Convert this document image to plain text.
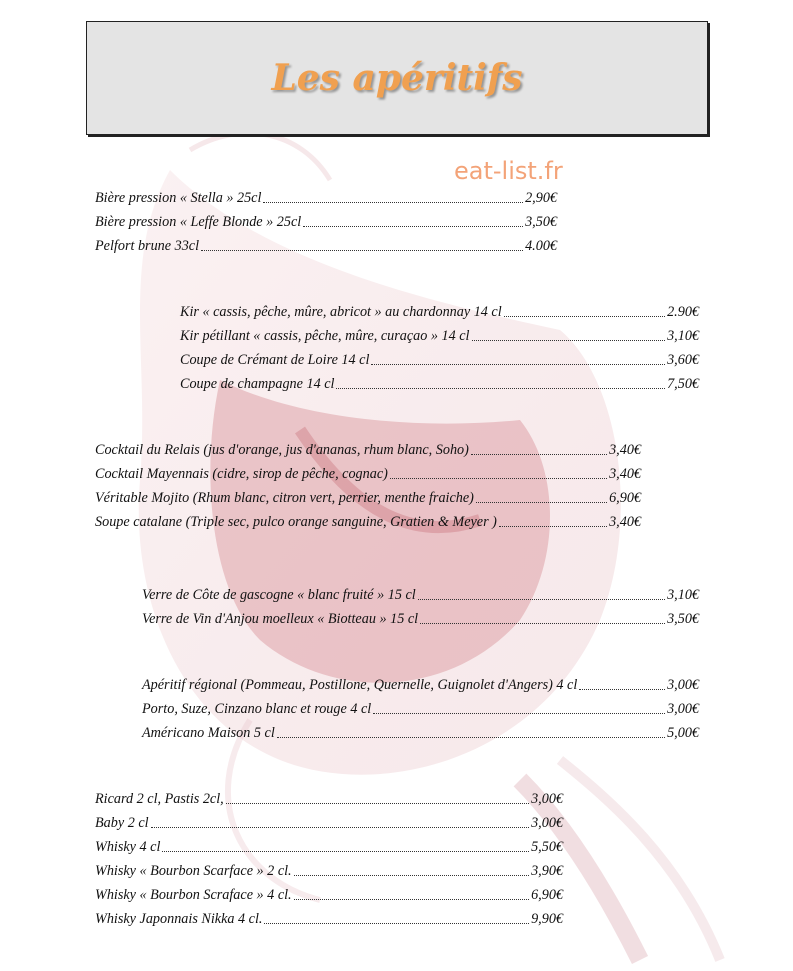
Les apéritifs
eat-list.fr
Bière pression « Stella » 25cl	2,90€
Bière pression « Leffe Blonde » 25cl	3,50€
Pelfort brune 33cl	4.00€
Kir « cassis, pêche, mûre, abricot » au chardonnay 14 cl	2.90€
Kir pétillant « cassis, pêche, mûre, curaçao » 14 cl	3,10€
Coupe de Crémant de Loire 14 cl	3,60€
Coupe de champagne 14 cl	7,50€
Cocktail du Relais (jus d'orange, jus d'ananas, rhum blanc, Soho)	3,40€
Cocktail Mayennais (cidre, sirop de pêche, cognac)	3,40€
Véritable Mojito (Rhum blanc, citron vert, perrier, menthe fraiche)	6,90€
Soupe catalane (Triple sec, pulco orange sanguine, Gratien & Meyer )	3,40€
Verre de Côte de gascogne « blanc fruité » 15 cl	3,10€
Verre de Vin d'Anjou moelleux « Biotteau » 15 cl	3,50€
Apéritif régional (Pommeau, Postillone, Quernelle, Guignolet d'Angers) 4 cl	3,00€
Porto, Suze, Cinzano blanc et rouge 4 cl	3,00€
Américano Maison 5 cl	5,00€
Ricard 2 cl, Pastis 2cl,	3,00€
Baby 2 cl	3,00€
Whisky 4 cl	5,50€
Whisky « Bourbon Scarface » 2 cl.	3,90€
Whisky « Bourbon Scraface » 4 cl.	6,90€
Whisky Japonnais Nikka 4 cl.	9,90€
